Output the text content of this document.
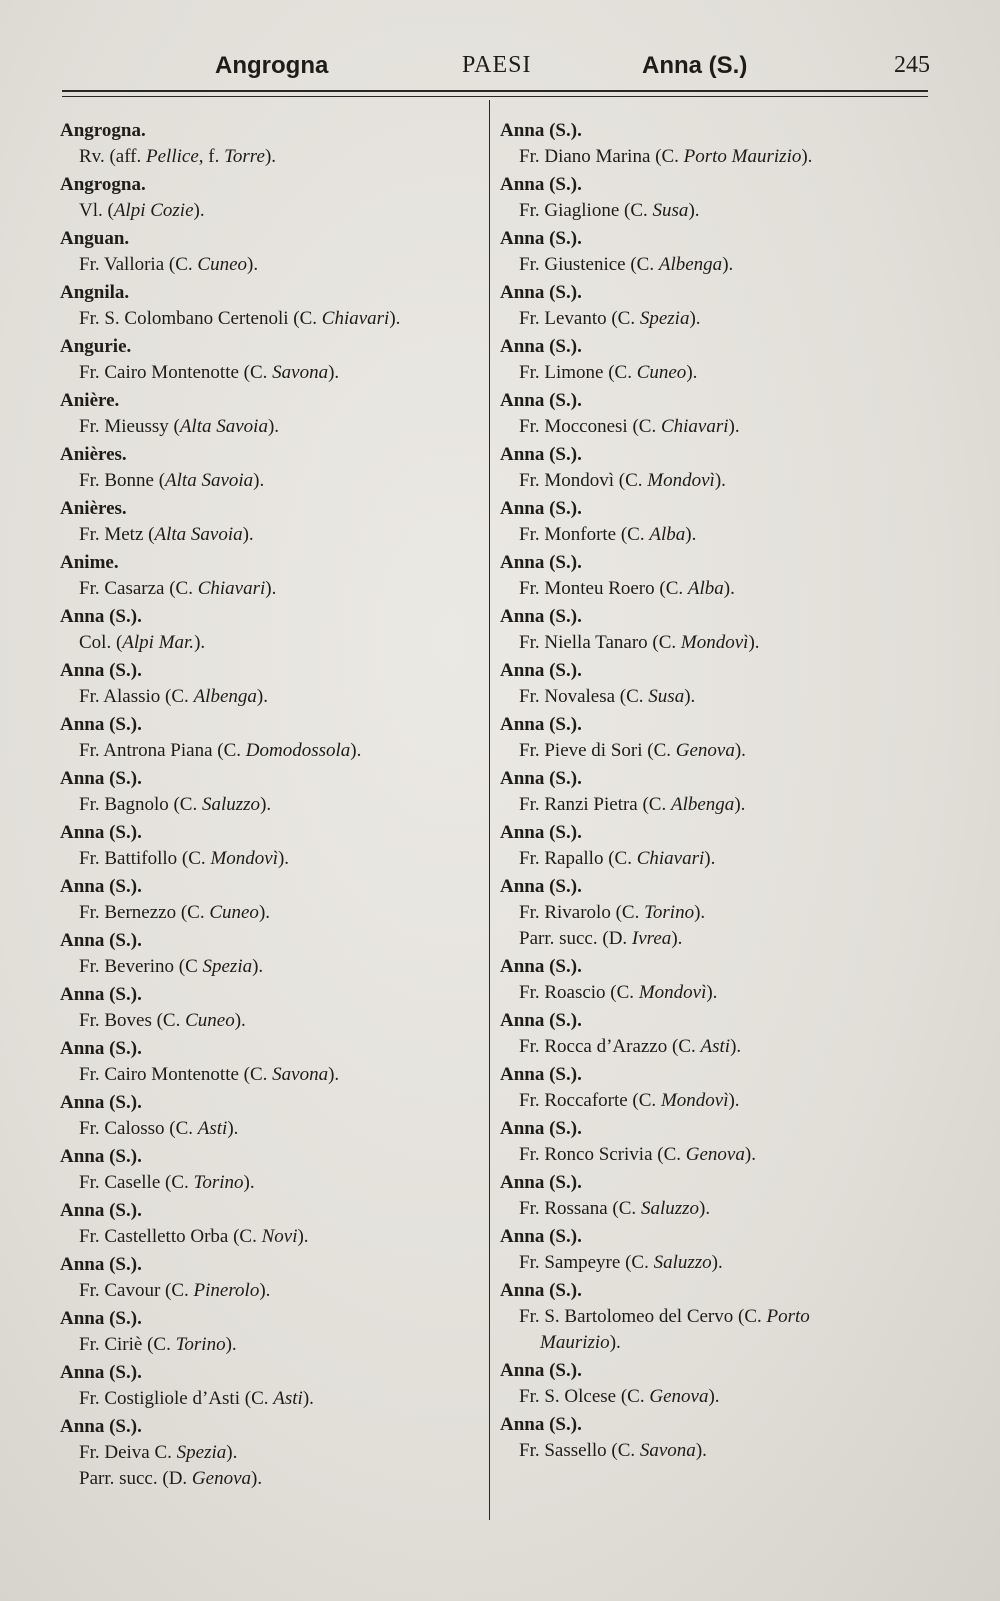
Angrogna	PAESI	Anna (S.)	245
Angrogna.
Rv. (aff. Pellice, f. Torre).
Angrogna.
Vl. (Alpi Cozie).
Anguan.
Fr. Valloria (C. Cuneo).
Angnila.
Fr. S. Colombano Certenoli (C. Chiavari).
Angurie.
Fr. Cairo Montenotte (C. Savona).
Anière.
Fr. Mieussy (Alta Savoia).
Anières.
Fr. Bonne (Alta Savoia).
Anières.
Fr. Metz (Alta Savoia).
Anime.
Fr. Casarza (C. Chiavari).
Anna (S.).
Col. (Alpi Mar.).
Anna (S.).
Fr. Alassio (C. Albenga).
Anna (S.).
Fr. Antrona Piana (C. Domodossola).
Anna (S.).
Fr. Bagnolo (C. Saluzzo).
Anna (S.).
Fr. Battifollo (C. Mondovì).
Anna (S.).
Fr. Bernezzo (C. Cuneo).
Anna (S.).
Fr. Beverino (C Spezia).
Anna (S.).
Fr. Boves (C. Cuneo).
Anna (S.).
Fr. Cairo Montenotte (C. Savona).
Anna (S.).
Fr. Calosso (C. Asti).
Anna (S.).
Fr. Caselle (C. Torino).
Anna (S.).
Fr. Castelletto Orba (C. Novi).
Anna (S.).
Fr. Cavour (C. Pinerolo).
Anna (S.).
Fr. Ciriè (C. Torino).
Anna (S.).
Fr. Costigliole d’Asti (C. Asti).
Anna (S.).
Fr. Deiva C. Spezia).
Parr. succ. (D. Genova).
Anna (S.).
Fr. Diano Marina (C. Porto Maurizio).
Anna (S.).
Fr. Giaglione (C. Susa).
Anna (S.).
Fr. Giustenice (C. Albenga).
Anna (S.).
Fr. Levanto (C. Spezia).
Anna (S.).
Fr. Limone (C. Cuneo).
Anna (S.).
Fr. Mocconesi (C. Chiavari).
Anna (S.).
Fr. Mondovì (C. Mondovì).
Anna (S.).
Fr. Monforte (C. Alba).
Anna (S.).
Fr. Monteu Roero (C. Alba).
Anna (S.).
Fr. Niella Tanaro (C. Mondovì).
Anna (S.).
Fr. Novalesa (C. Susa).
Anna (S.).
Fr. Pieve di Sori (C. Genova).
Anna (S.).
Fr. Ranzi Pietra (C. Albenga).
Anna (S.).
Fr. Rapallo (C. Chiavari).
Anna (S.).
Fr. Rivarolo (C. Torino).
Parr. succ. (D. Ivrea).
Anna (S.).
Fr. Roascio (C. Mondovì).
Anna (S.).
Fr. Rocca d’Arazzo (C. Asti).
Anna (S.).
Fr. Roccaforte (C. Mondovì).
Anna (S.).
Fr. Ronco Scrivia (C. Genova).
Anna (S.).
Fr. Rossana (C. Saluzzo).
Anna (S.).
Fr. Sampeyre (C. Saluzzo).
Anna (S.).
Fr. S. Bartolomeo del Cervo (C. Porto
Maurizio).
Anna (S.).
Fr. S. Olcese (C. Genova).
Anna (S.).
Fr. Sassello (C. Savona).
